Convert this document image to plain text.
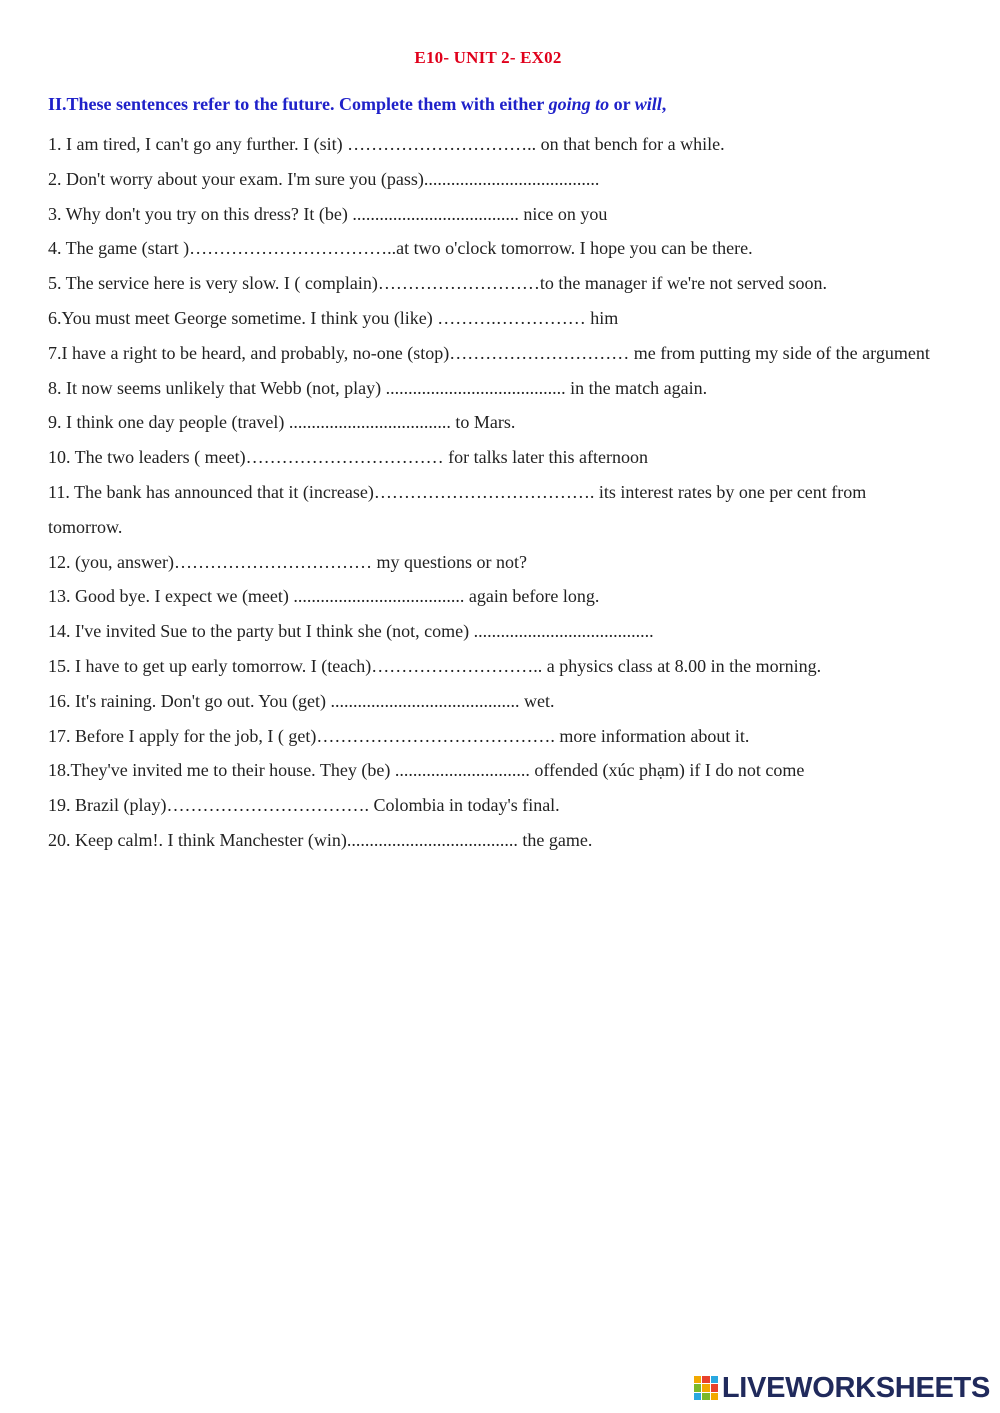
E10- UNIT 2- EX02
II.These sentences refer to the future. Complete them with either going to or will,
1. I am tired, I can't go any further. I (sit) ………………………….. on that bench for a while.
2. Don't worry about your exam. I'm sure you (pass).......................................
3. Why don't you try on this dress? It (be) ..................................... nice on you
4. The game (start )……………………………..at two o'clock tomorrow. I hope you can be there.
5. The service here is very slow. I ( complain)………………………to the manager if we're not served soon.
6.You must meet George sometime. I think you (like) ……….…………… him
7.I have a right to be heard, and probably, no-one (stop)………………………… me from putting my side of the argument
8. It now seems unlikely that Webb (not, play) ........................................ in the match again.
9. I think one day people (travel) .................................... to Mars.
10. The two leaders ( meet)…………………………… for talks later this afternoon
11. The bank has announced that it (increase)………………………………. its interest rates by one per cent from tomorrow.
12. (you, answer)…………………………… my questions or not?
13. Good bye. I expect we (meet) ...................................... again before long.
14. I've invited Sue to the party but I think she (not, come) ........................................
15. I have to get up early tomorrow. I (teach)……………………….. a physics class at 8.00 in the morning.
16. It's raining. Don't go out. You (get) .......................................... wet.
17. Before I apply for the job, I ( get)…………………………………. more information about it.
18.They've invited me to their house. They (be) .............................. offended (xúc phạm) if I do not come
19. Brazil (play)……………………………. Colombia in today's final.
20. Keep calm!. I think Manchester (win)...................................... the game.
LIVEWORKSHEETS
